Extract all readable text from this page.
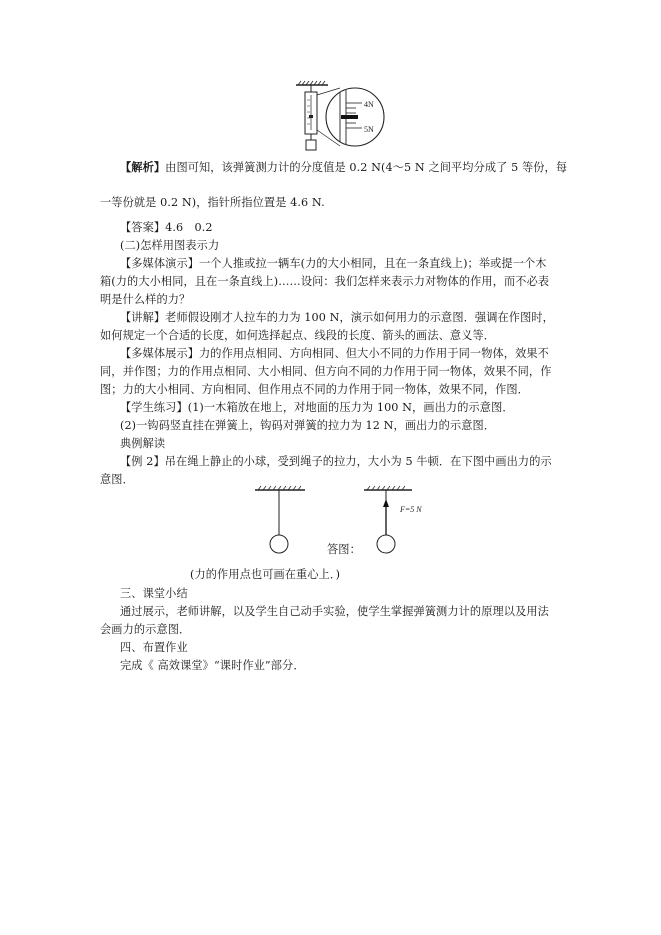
4N
5N
【解析】由图可知，该弹簧测力计的分度值是 0.2 N(4～5 N 之间平均分成了 5 等份，每
一等份就是 0.2 N)，指针所指位置是 4.6 N.
【答案】4.6　0.2
(二)怎样用图表示力
【多媒体演示】一个人推或拉一辆车(力的大小相同，且在一条直线上)；举或提一个木
箱(力的大小相同，且在一条直线上)……设问：我们怎样来表示力对物体的作用，而不必表
明是什么样的力？
【讲解】老师假设刚才人拉车的力为 100 N，演示如何用力的示意图．强调在作图时，
如何规定一个合适的长度，如何选择起点、线段的长度、箭头的画法、意义等．
【多媒体展示】力的作用点相同、方向相同、但大小不同的力作用于同一物体，效果不
同，并作图；力的作用点相同、大小相同、但方向不同的力作用于同一物体，效果不同，作
图；力的大小相同、方向相同、但作用点不同的力作用于同一物体，效果不同，作图．
【学生练习】(1)一木箱放在地上，对地面的压力为 100 N，画出力的示意图．
(2)一钩码竖直挂在弹簧上，钩码对弹簧的拉力为 12 N，画出力的示意图．
典例解读
【例 2】吊在绳上静止的小球，受到绳子的拉力，大小为 5 牛顿．在下图中画出力的示
意图．
F=5 N
答图：
(力的作用点也可画在重心上．)
三、课堂小结
通过展示，老师讲解，以及学生自己动手实验，使学生掌握弹簧测力计的原理以及用法
会画力的示意图．
四、布置作业
完成《 高效课堂》“课时作业”部分．
